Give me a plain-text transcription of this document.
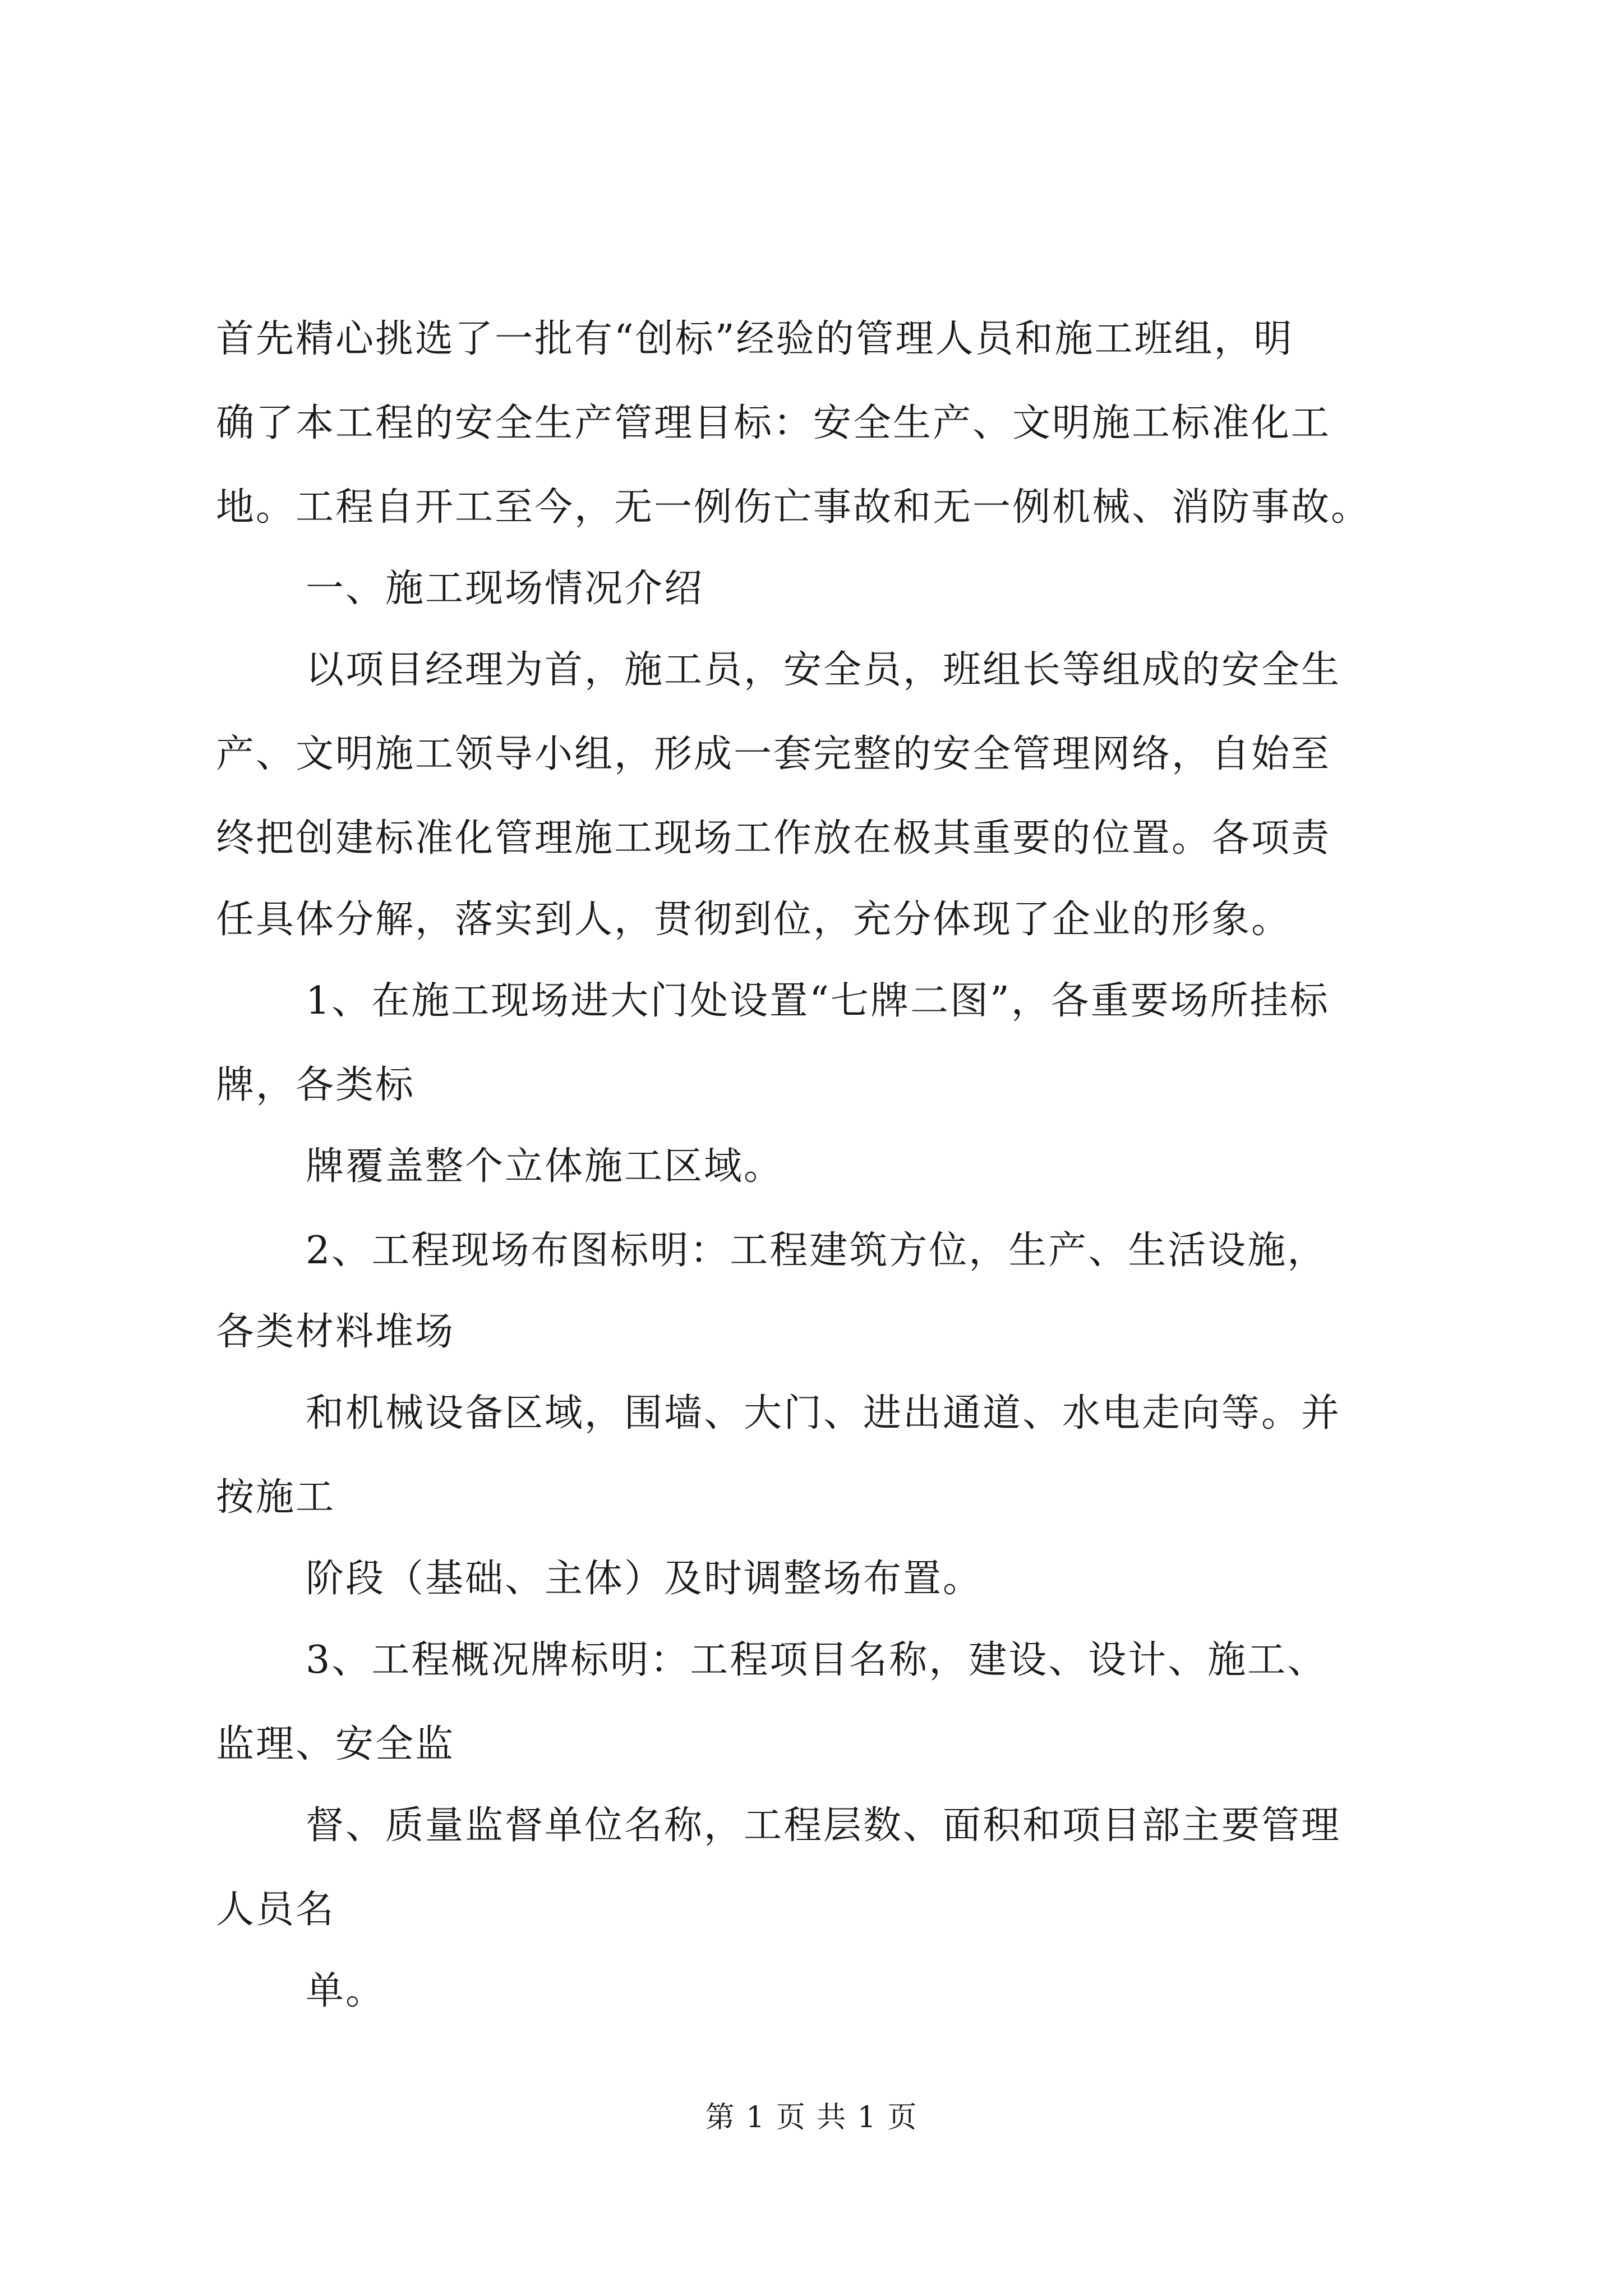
首先精心挑选了一批有“创标”经验的管理人员和施工班组，明
确了本工程的安全生产管理目标：安全生产、文明施工标准化工
地。工程自开工至今，无一例伤亡事故和无一例机械、消防事故。
一、施工现场情况介绍
以项目经理为首，施工员，安全员，班组长等组成的安全生
产、文明施工领导小组，形成一套完整的安全管理网络，自始至
终把创建标准化管理施工现场工作放在极其重要的位置。各项责
任具体分解，落实到人，贯彻到位，充分体现了企业的形象。
1、在施工现场进大门处设置“七牌二图”，各重要场所挂标
牌，各类标
牌覆盖整个立体施工区域。
2、工程现场布图标明：工程建筑方位，生产、生活设施，
各类材料堆场
和机械设备区域，围墙、大门、进出通道、水电走向等。并
按施工
阶段（基础、主体）及时调整场布置。
3、工程概况牌标明：工程项目名称，建设、设计、施工、
监理、安全监
督、质量监督单位名称，工程层数、面积和项目部主要管理
人员名
单。
第 1 页 共 1 页
